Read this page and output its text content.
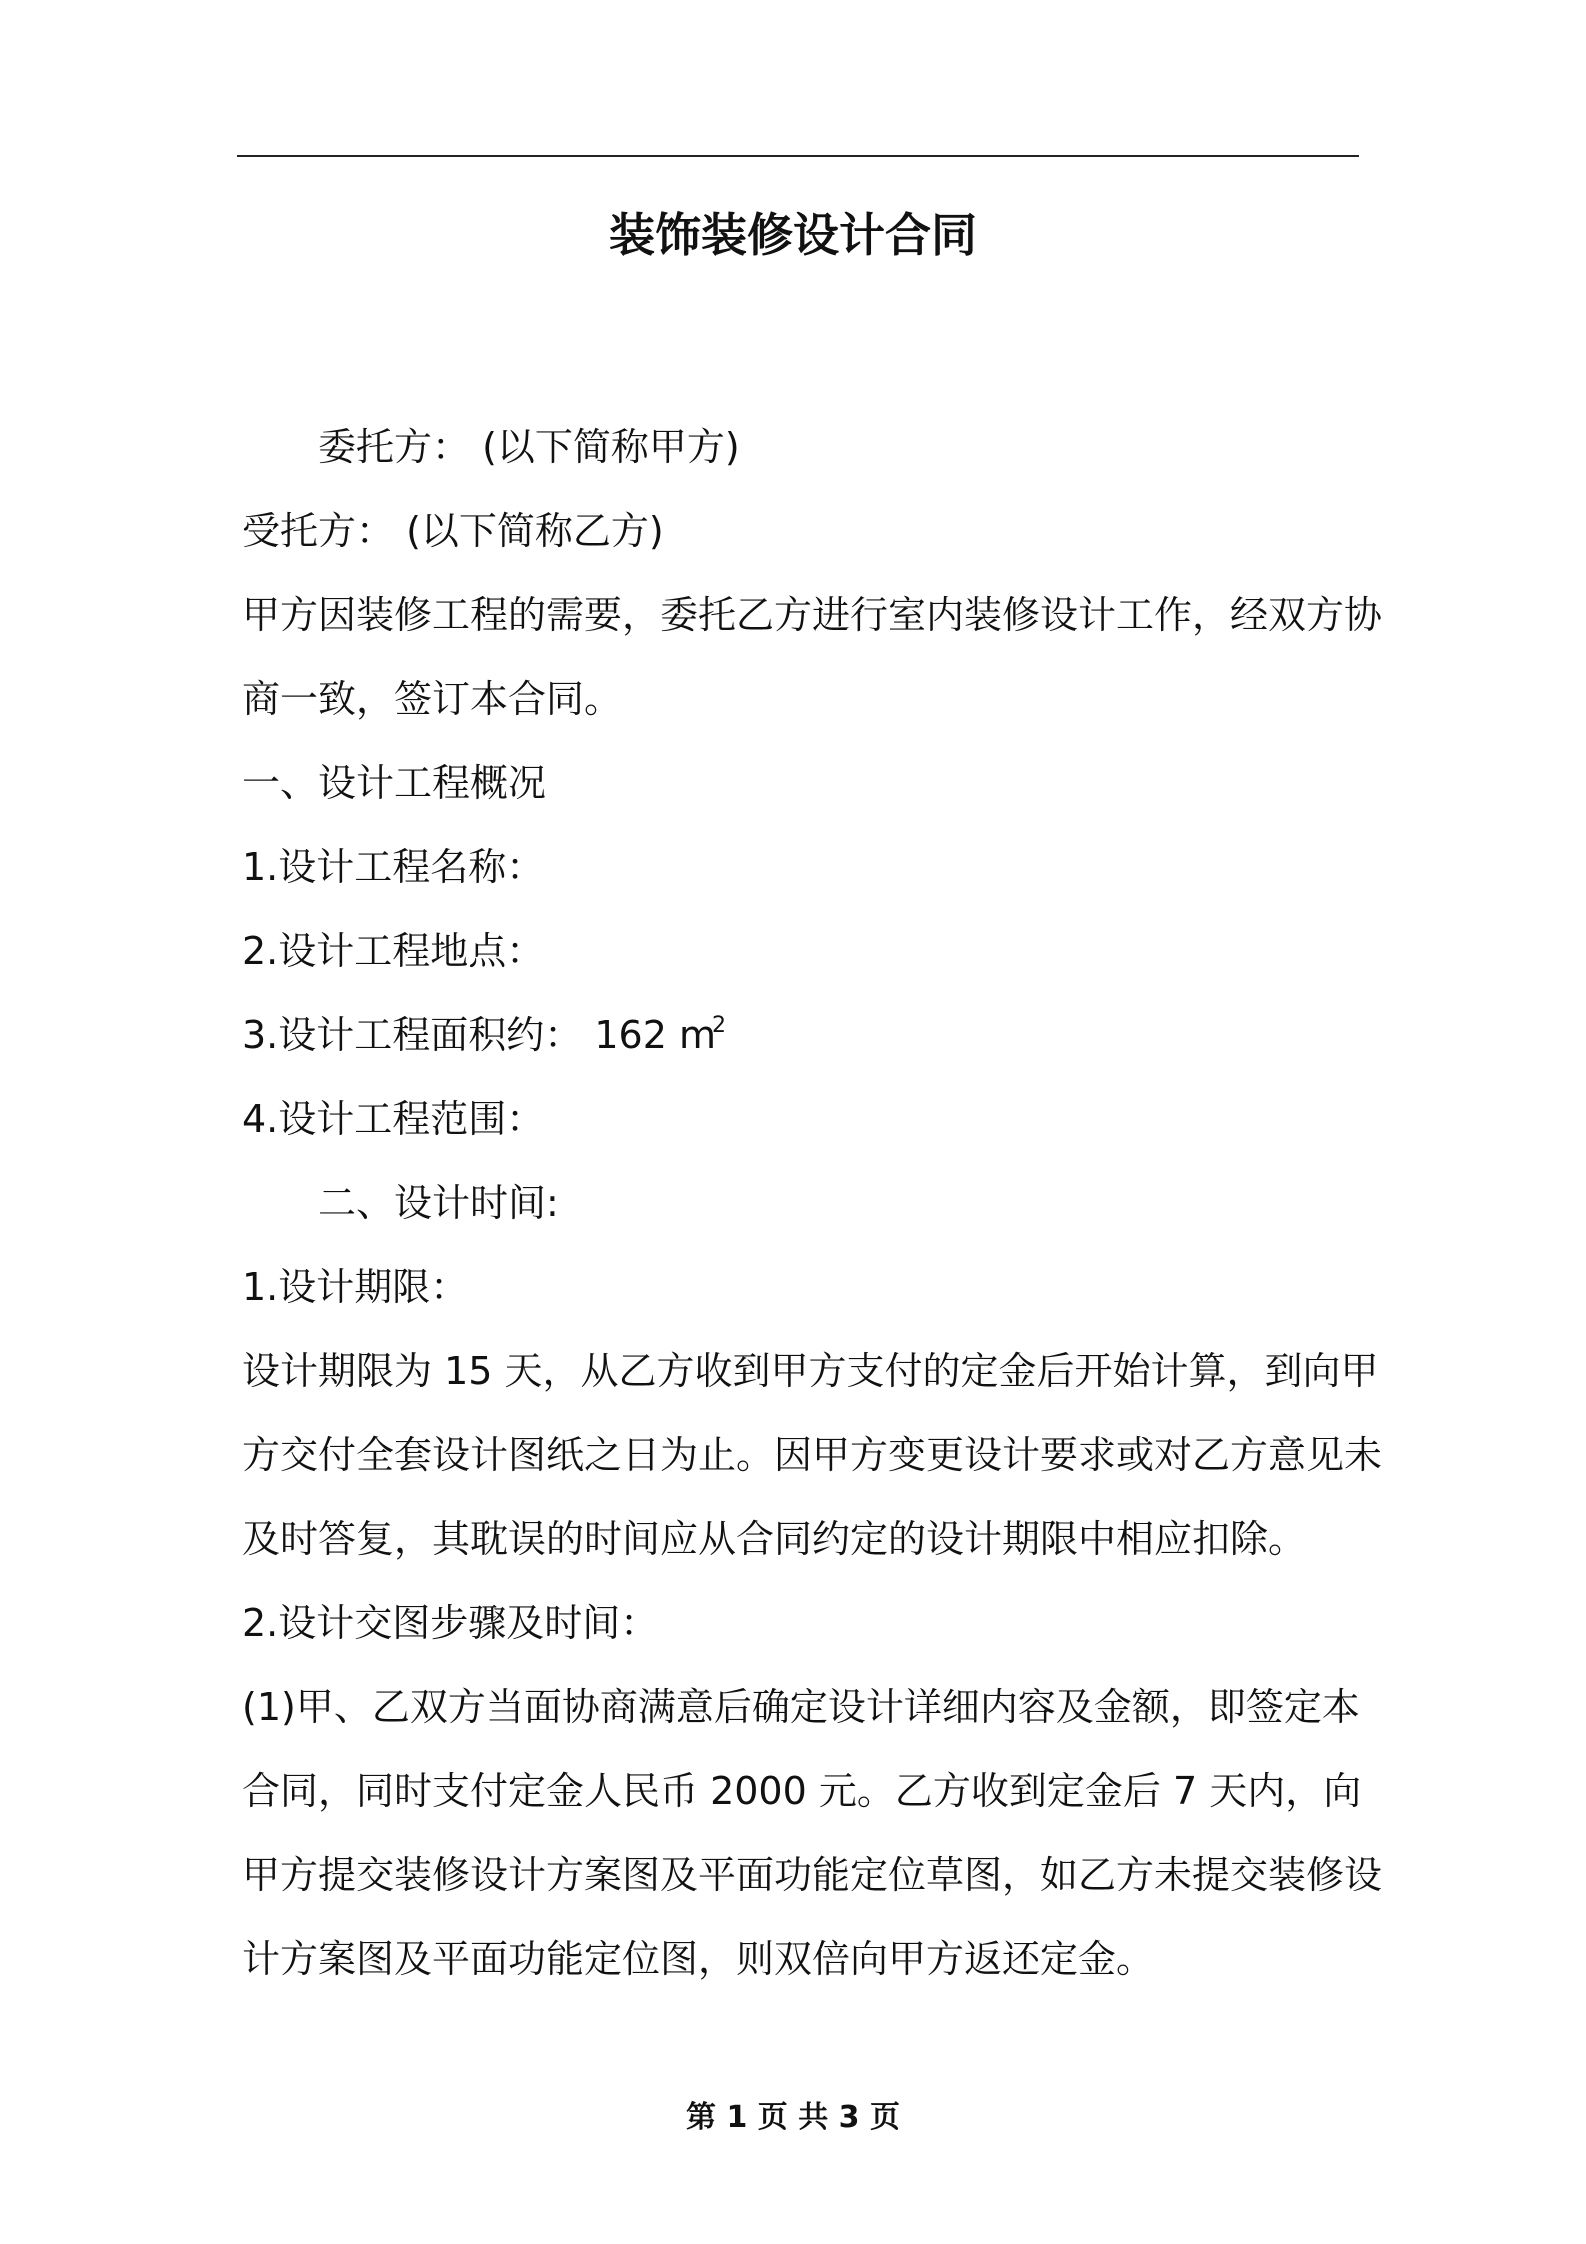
装饰装修设计合同

委托方： (以下简称甲方)

受托方： (以下简称乙方)

甲方因装修工程的需要，委托乙方进行室内装修设计工作，经双方协

商一致，签订本合同。

一、设计工程概况

1.设计工程名称：

2.设计工程地点：

3.设计工程面积约： 162 $m^2$

4.设计工程范围：

二、设计时间:

1.设计期限：

设计期限为 15 天，从乙方收到甲方支付的定金后开始计算，到向甲

方交付全套设计图纸之日为止。因甲方变更设计要求或对乙方意见未

及时答复，其耽误的时间应从合同约定的设计期限中相应扣除。

2.设计交图步骤及时间：

(1)甲、乙双方当面协商满意后确定设计详细内容及金额，即签定本

合同，同时支付定金人民币 2000 元。乙方收到定金后 7 天内，向

甲方提交装修设计方案图及平面功能定位草图，如乙方未提交装修设

计方案图及平面功能定位图，则双倍向甲方返还定金。

第 1 页 共 3 页
